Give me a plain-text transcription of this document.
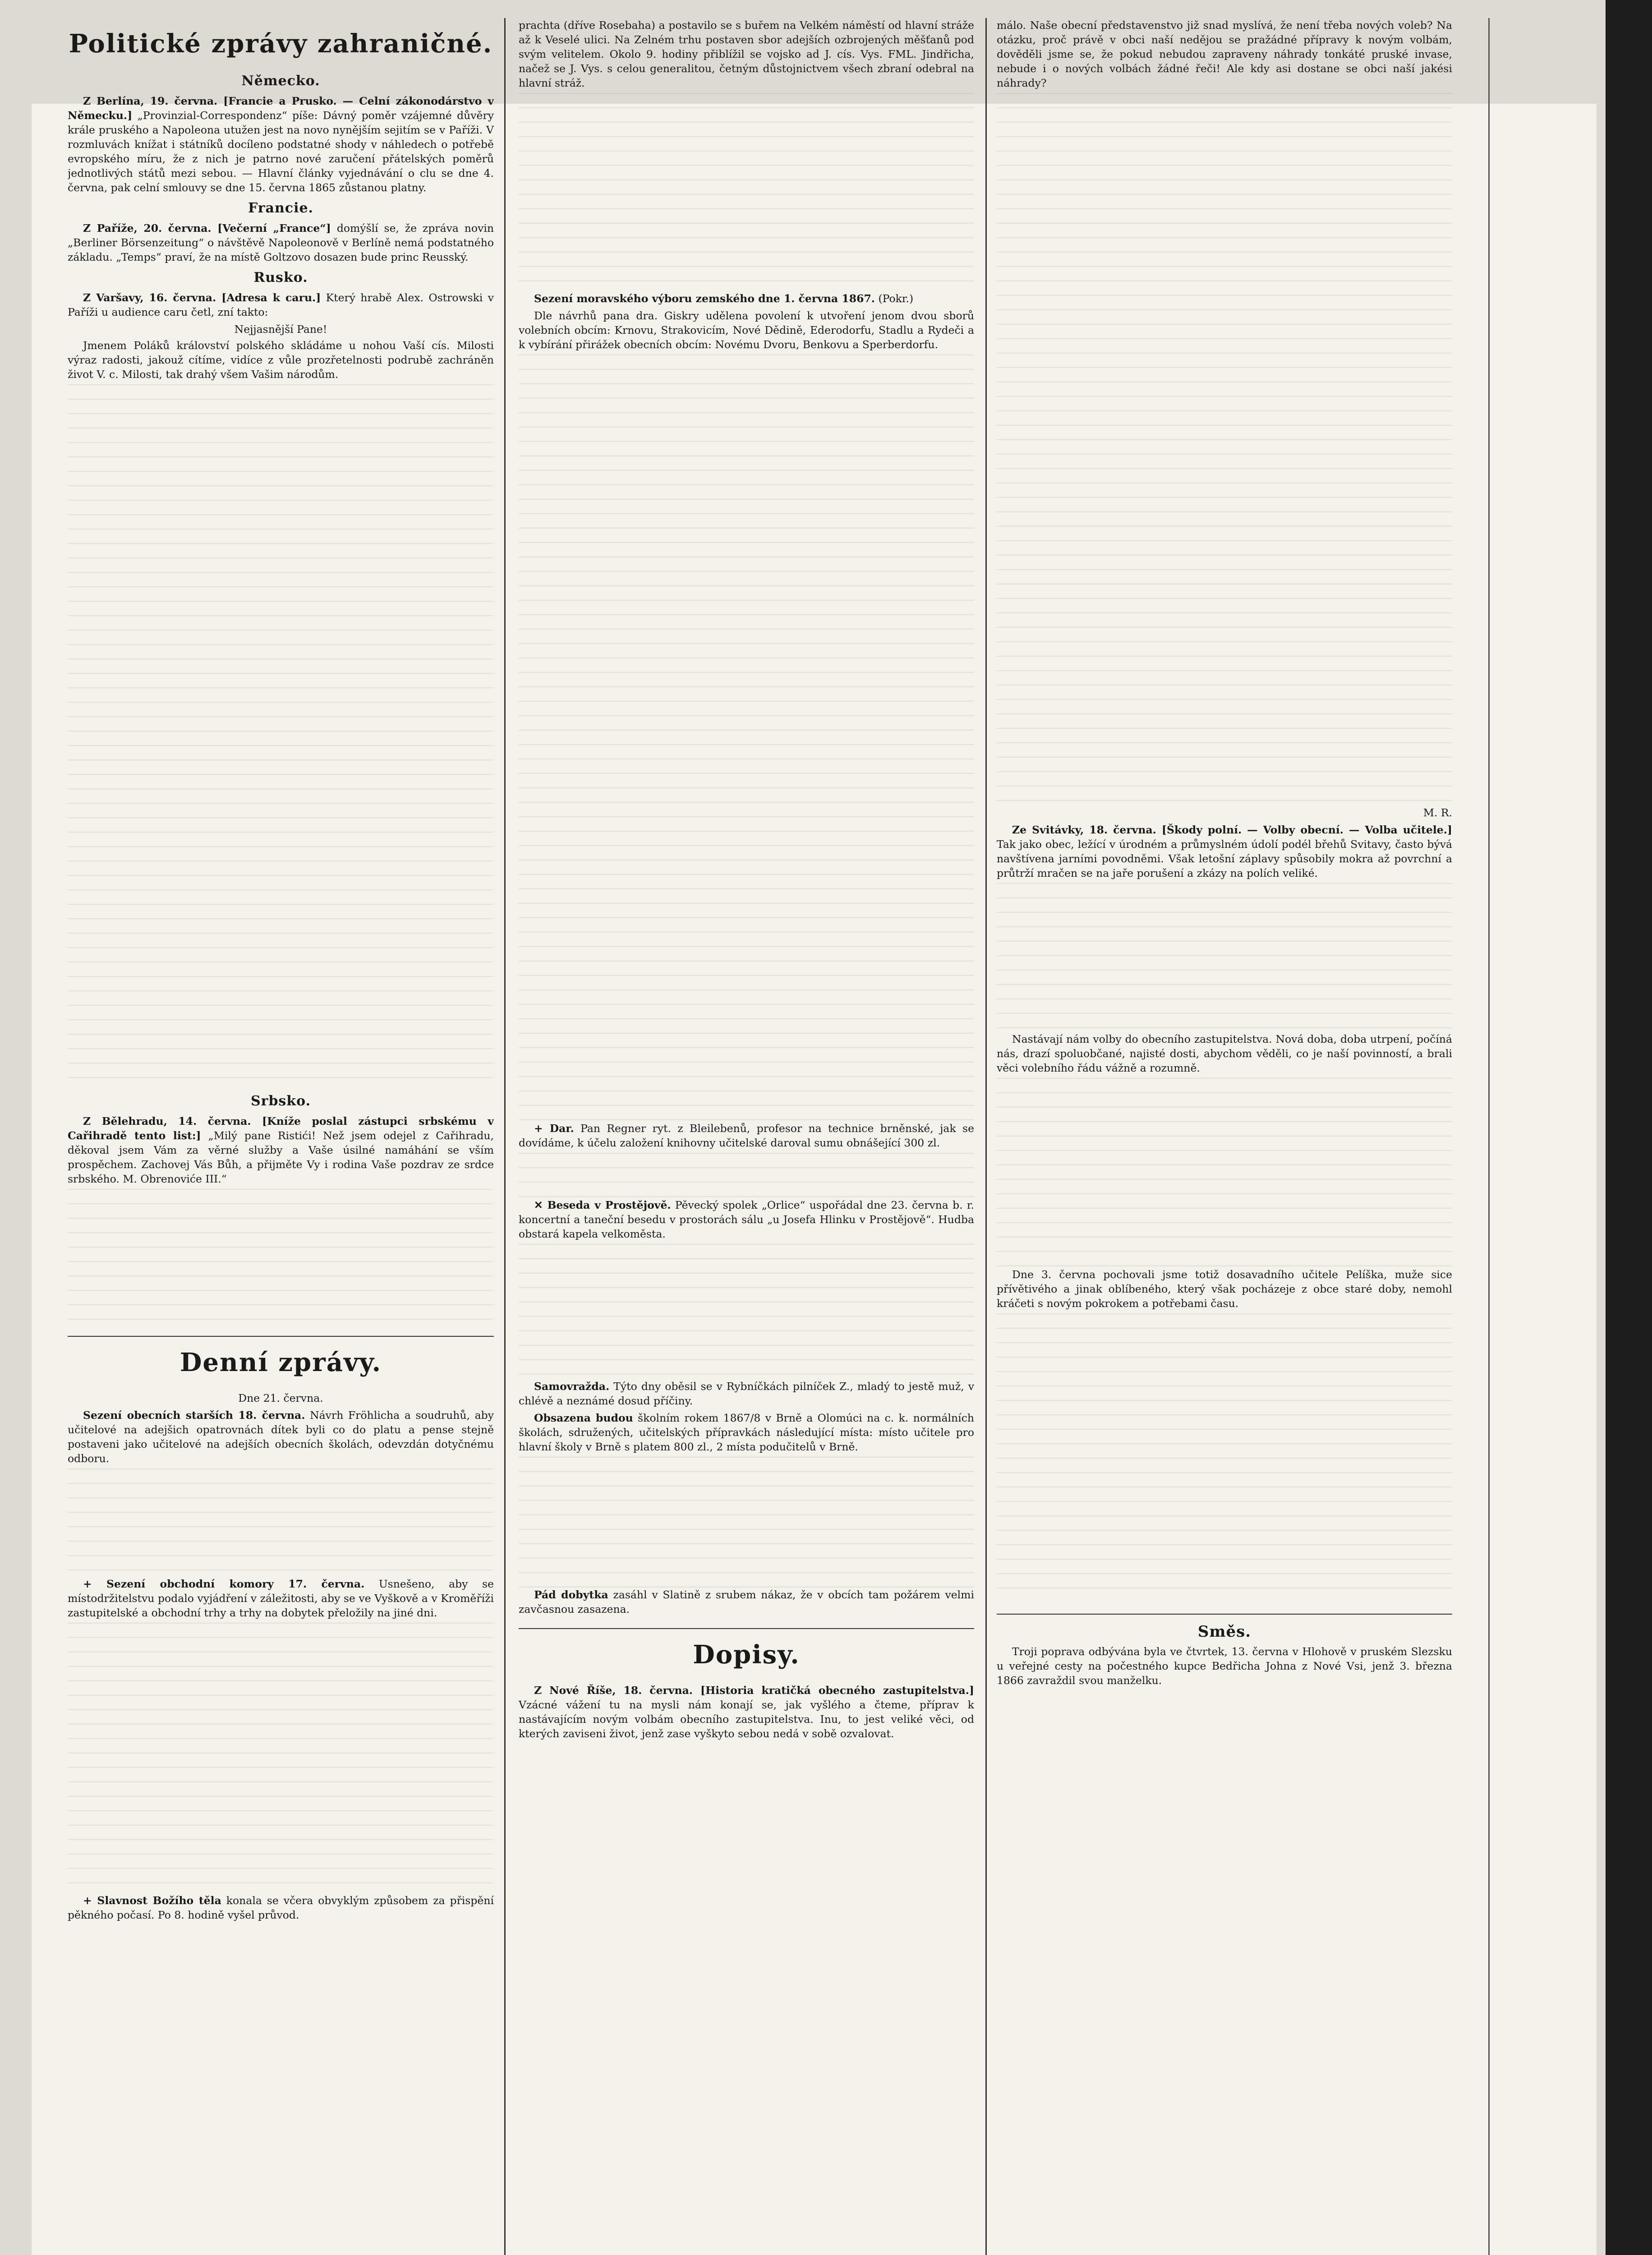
Politické zprávy zahraničné.
Německo.

Z Berlína, 19. června. [Francie a Prusko. — Celní zákonodárstvo v Německu.] „Provinzial-Correspondenz“ píše: Dávný poměr vzájemné důvěry krále pruského a Napoleona utužen jest na novo nynějším sejitím se v Paříži. V rozmluvách knížat i státníků docíleno podstatné shody v náhledech o potřebě evropského míru, že z nich je patrno nové zaručení přátelských poměrů jednotlivých států mezi sebou. — Hlavní články vyjednávání o clu se dne 4. června, pak celní smlouvy se dne 15. června 1865 zůstanou platny.

Francie.

Z Paříže, 20. června. [Večerní „France“] domýšlí se, že zpráva novin „Berliner Börsenzeitung“ o návštěvě Napoleonově v Berlíně nemá podstatného základu. „Temps“ praví, že na místě Goltzovo dosazen bude princ Reusský.

Rusko.

Z Varšavy, 16. června. [Adresa k caru.] Který hrabě Alex. Ostrowski v Paříži u audience caru četl, zní takto:

Nejjasnější Pane!

Jmenem Poláků království polského skládáme u nohou Vaší cís. Milosti výraz radosti, jakouž cítíme, vidíce z vůle prozřetelnosti podrubě zachráněn život V. c. Milosti, tak drahý všem Vašim národům.

Srbsko.

Z Bělehradu, 14. června. [Kníže poslal zástupci srbskému v Cařihradě tento list:] „Milý pane Ristići! Než jsem odejel z Cařihradu, děkoval jsem Vám za věrné služby a Vaše úsilné namáhání se vším prospěchem. Zachovej Vás Bůh, a přijměte Vy i rodina Vaše pozdrav ze srdce srbského. M. Obrenoviće III.“

Denní zprávy.

Dne 21. června.

Sezení obecních starších 18. června. Návrh Fröhlicha a soudruhů, aby učitelové na adejšich opatrovnách dítek byli co do platu a pense stejně postaveni jako učitelové na adejších obecních školách, odevzdán dotyčnému odboru.

+ Sezení obchodní komory 17. června. Usnešeno, aby se místodržitelstvu podalo vyjádření v záležitosti, aby se ve Vyškově a v Kroměříži zastupitelské a obchodní trhy a trhy na dobytek přeložily na jiné dni.

+ Slavnost Božího těla konala se včera obvyklým způsobem za přispění pěkného počasí. Po 8. hodině vyšel průvod.

prachta (dříve Rosebaha) a postavilo se s buřem na Velkém náměstí od hlavní stráže až k Veselé ulici. Na Zelném trhu postaven sbor adejších ozbrojených měšťanů pod svým velitelem. Okolo 9. hodiny přiblížil se vojsko ad J. cís. Vys. FML. Jindřicha, načež se J. Vys. s celou generalitou, četným důstojnictvem všech zbraní odebral na hlavní stráž.

Sezení moravského výboru zemského dne 1. června 1867. (Pokr.)

Dle návrhů pana dra. Giskry udělena povolení k utvoření jenom dvou sborů volebních obcím: Krnovu, Strakovicím, Nové Dědině, Ederodorfu, Stadlu a Rydeči a k vybírání přirážek obecních obcím: Novému Dvoru, Benkovu a Sperberdorfu.

+ Dar. Pan Regner ryt. z Bleilebenů, profesor na technice brněnské, jak se dovídáme, k účelu založení knihovny učitelské daroval sumu obnášející 300 zl.

✕ Beseda v Prostějově. Pěvecký spolek „Orlice“ uspořádal dne 23. června b. r. koncertní a taneční besedu v prostorách sálu „u Josefa Hlinku v Prostějově“. Hudba obstará kapela velkoměsta.

Samovražda. Týto dny oběsil se v Rybníčkách pilníček Z., mladý to jestě muž, v chlévě a neznámé dosud příčiny.

Obsazena budou školním rokem 1867/8 v Brně a Olomúci na c. k. normálních školách, sdružených, učitelských přípravkách následující místa: místo učitele pro hlavní školy v Brně s platem 800 zl., 2 místa podučitelů v Brně.

Pád dobytka zasáhl v Slatině z srubem nákaz, že v obcích tam požárem velmi zavčasnou zasazena.

Dopisy.

Z Nové Říše, 18. června. [Historia kratičká obecného zastupitelstva.] Vzácné vážení tu na mysli nám konají se, jak vyšlého a čteme, příprav k nastávajícím novým volbám obecního zastupitelstva. Inu, to jest veliké věci, od kterých zaviseni život, jenž zase vyškyto sebou nedá v sobě ozvalovat.

málo. Naše obecní představenstvo již snad myslívá, že není třeba nových voleb? Na otázku, proč právě v obci naší nedějou se pražádné přípravy k novým volbám, dověděli jsme se, že pokud nebudou zapraveny náhrady tonkáté pruské invase, nebude i o nových volbách žádné řeči! Ale kdy asi dostane se obci naší jakési náhrady?

M. R.

Ze Svitávky, 18. června. [Škody polní. — Volby obecní. — Volba učitele.] Tak jako obec, ležící v úrodném a průmyslném údolí podél břehů Svitavy, často bývá navštívena jarními povodněmi. Však letošní záplavy spůsobily mokra až povrchní a průtrží mračen se na jaře porušení a zkázy na polích veliké.

Nastávají nám volby do obecního zastupitelstva. Nová doba, doba utrpení, počíná nás, drazí spoluobčané, najisté dosti, abychom věděli, co je naší povinností, a brali věci volebního řádu vážně a rozumně.

Dne 3. června pochovali jsme totiž dosavadního učitele Pelíška, muže sice přívětivého a jinak oblíbeného, který však pocházeje z obce staré doby, nemohl kráčeti s novým pokrokem a potřebami času.

Směs.

Troji poprava odbývána byla ve čtvrtek, 13. června v Hlohově v pruském Slezsku u veřejné cesty na počestného kupce Bedřicha Johna z Nové Vsi, jenž 3. března 1866 zavraždil svou manželku.
